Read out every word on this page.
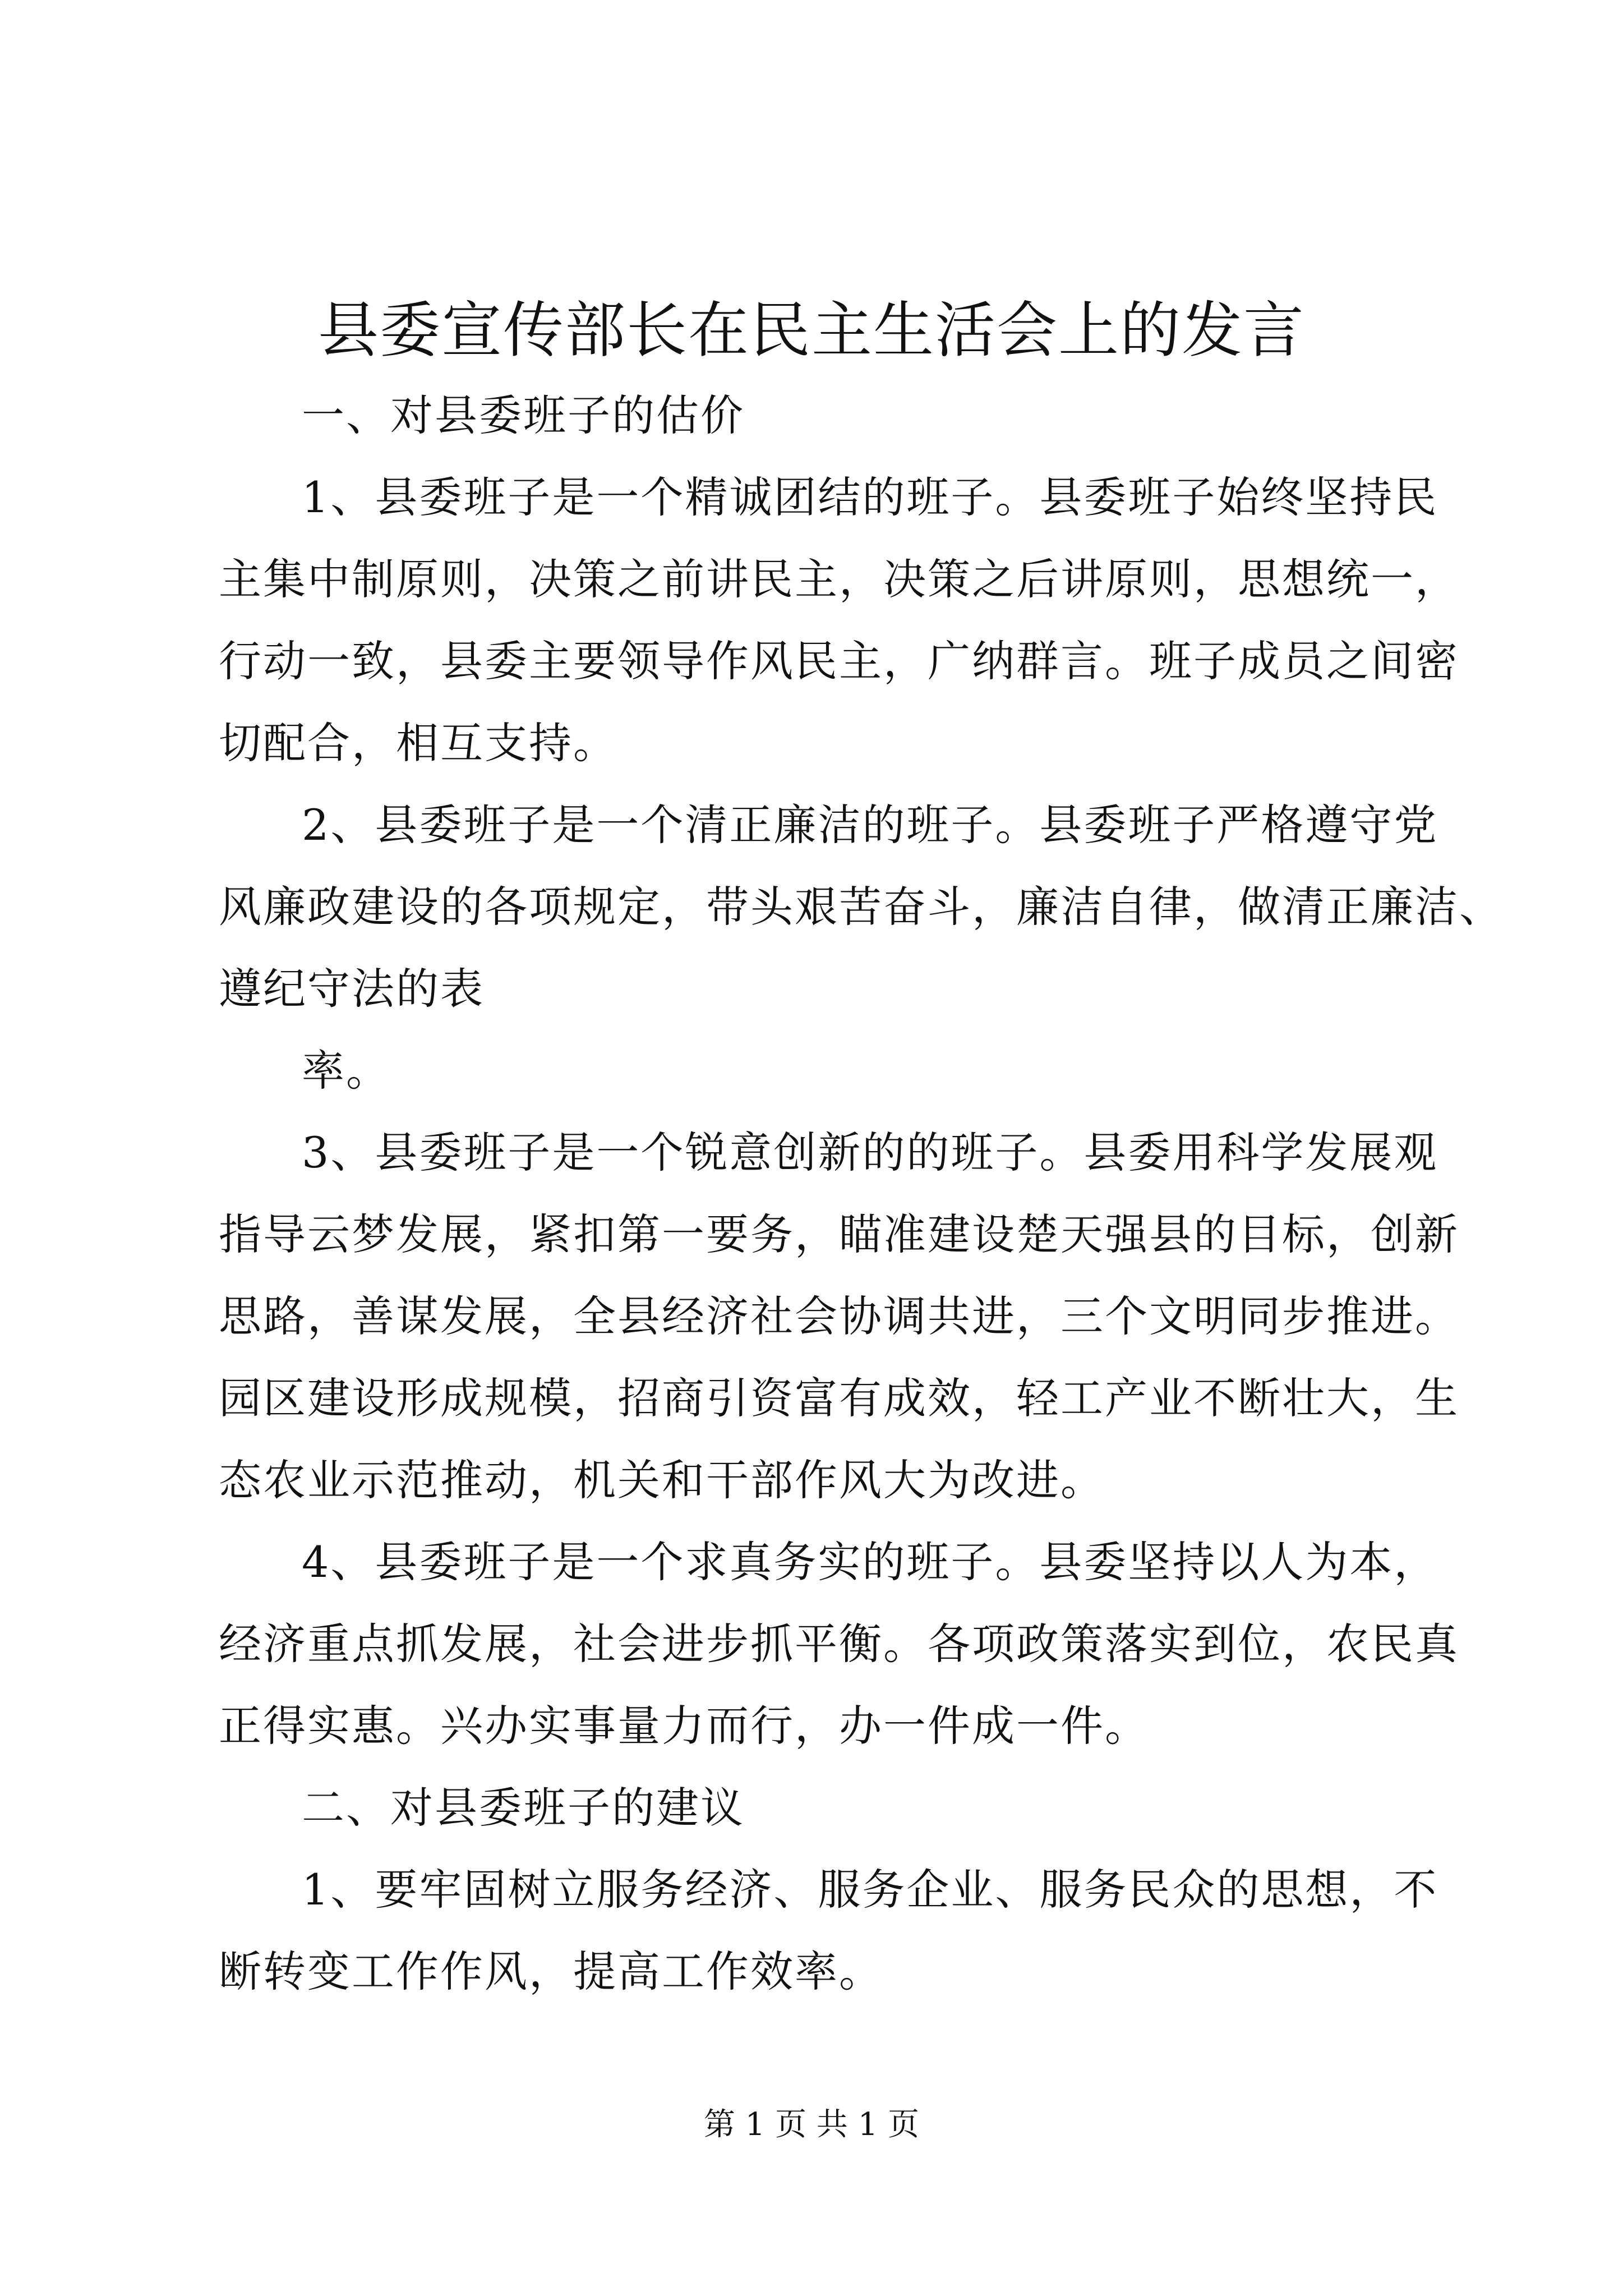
县委宣传部长在民主生活会上的发言
一、对县委班子的估价
1、县委班子是一个精诚团结的班子。县委班子始终坚持民
主集中制原则，决策之前讲民主，决策之后讲原则，思想统一，
行动一致，县委主要领导作风民主，广纳群言。班子成员之间密
切配合，相互支持。
2、县委班子是一个清正廉洁的班子。县委班子严格遵守党
风廉政建设的各项规定，带头艰苦奋斗，廉洁自律，做清正廉洁、
遵纪守法的表
率。
3、县委班子是一个锐意创新的的班子。县委用科学发展观
指导云梦发展，紧扣第一要务，瞄准建设楚天强县的目标，创新
思路，善谋发展，全县经济社会协调共进，三个文明同步推进。
园区建设形成规模，招商引资富有成效，轻工产业不断壮大，生
态农业示范推动，机关和干部作风大为改进。
4、县委班子是一个求真务实的班子。县委坚持以人为本，
经济重点抓发展，社会进步抓平衡。各项政策落实到位，农民真
正得实惠。兴办实事量力而行，办一件成一件。
二、对县委班子的建议
1、要牢固树立服务经济、服务企业、服务民众的思想，不
断转变工作作风，提高工作效率。
第 1 页 共 1 页
